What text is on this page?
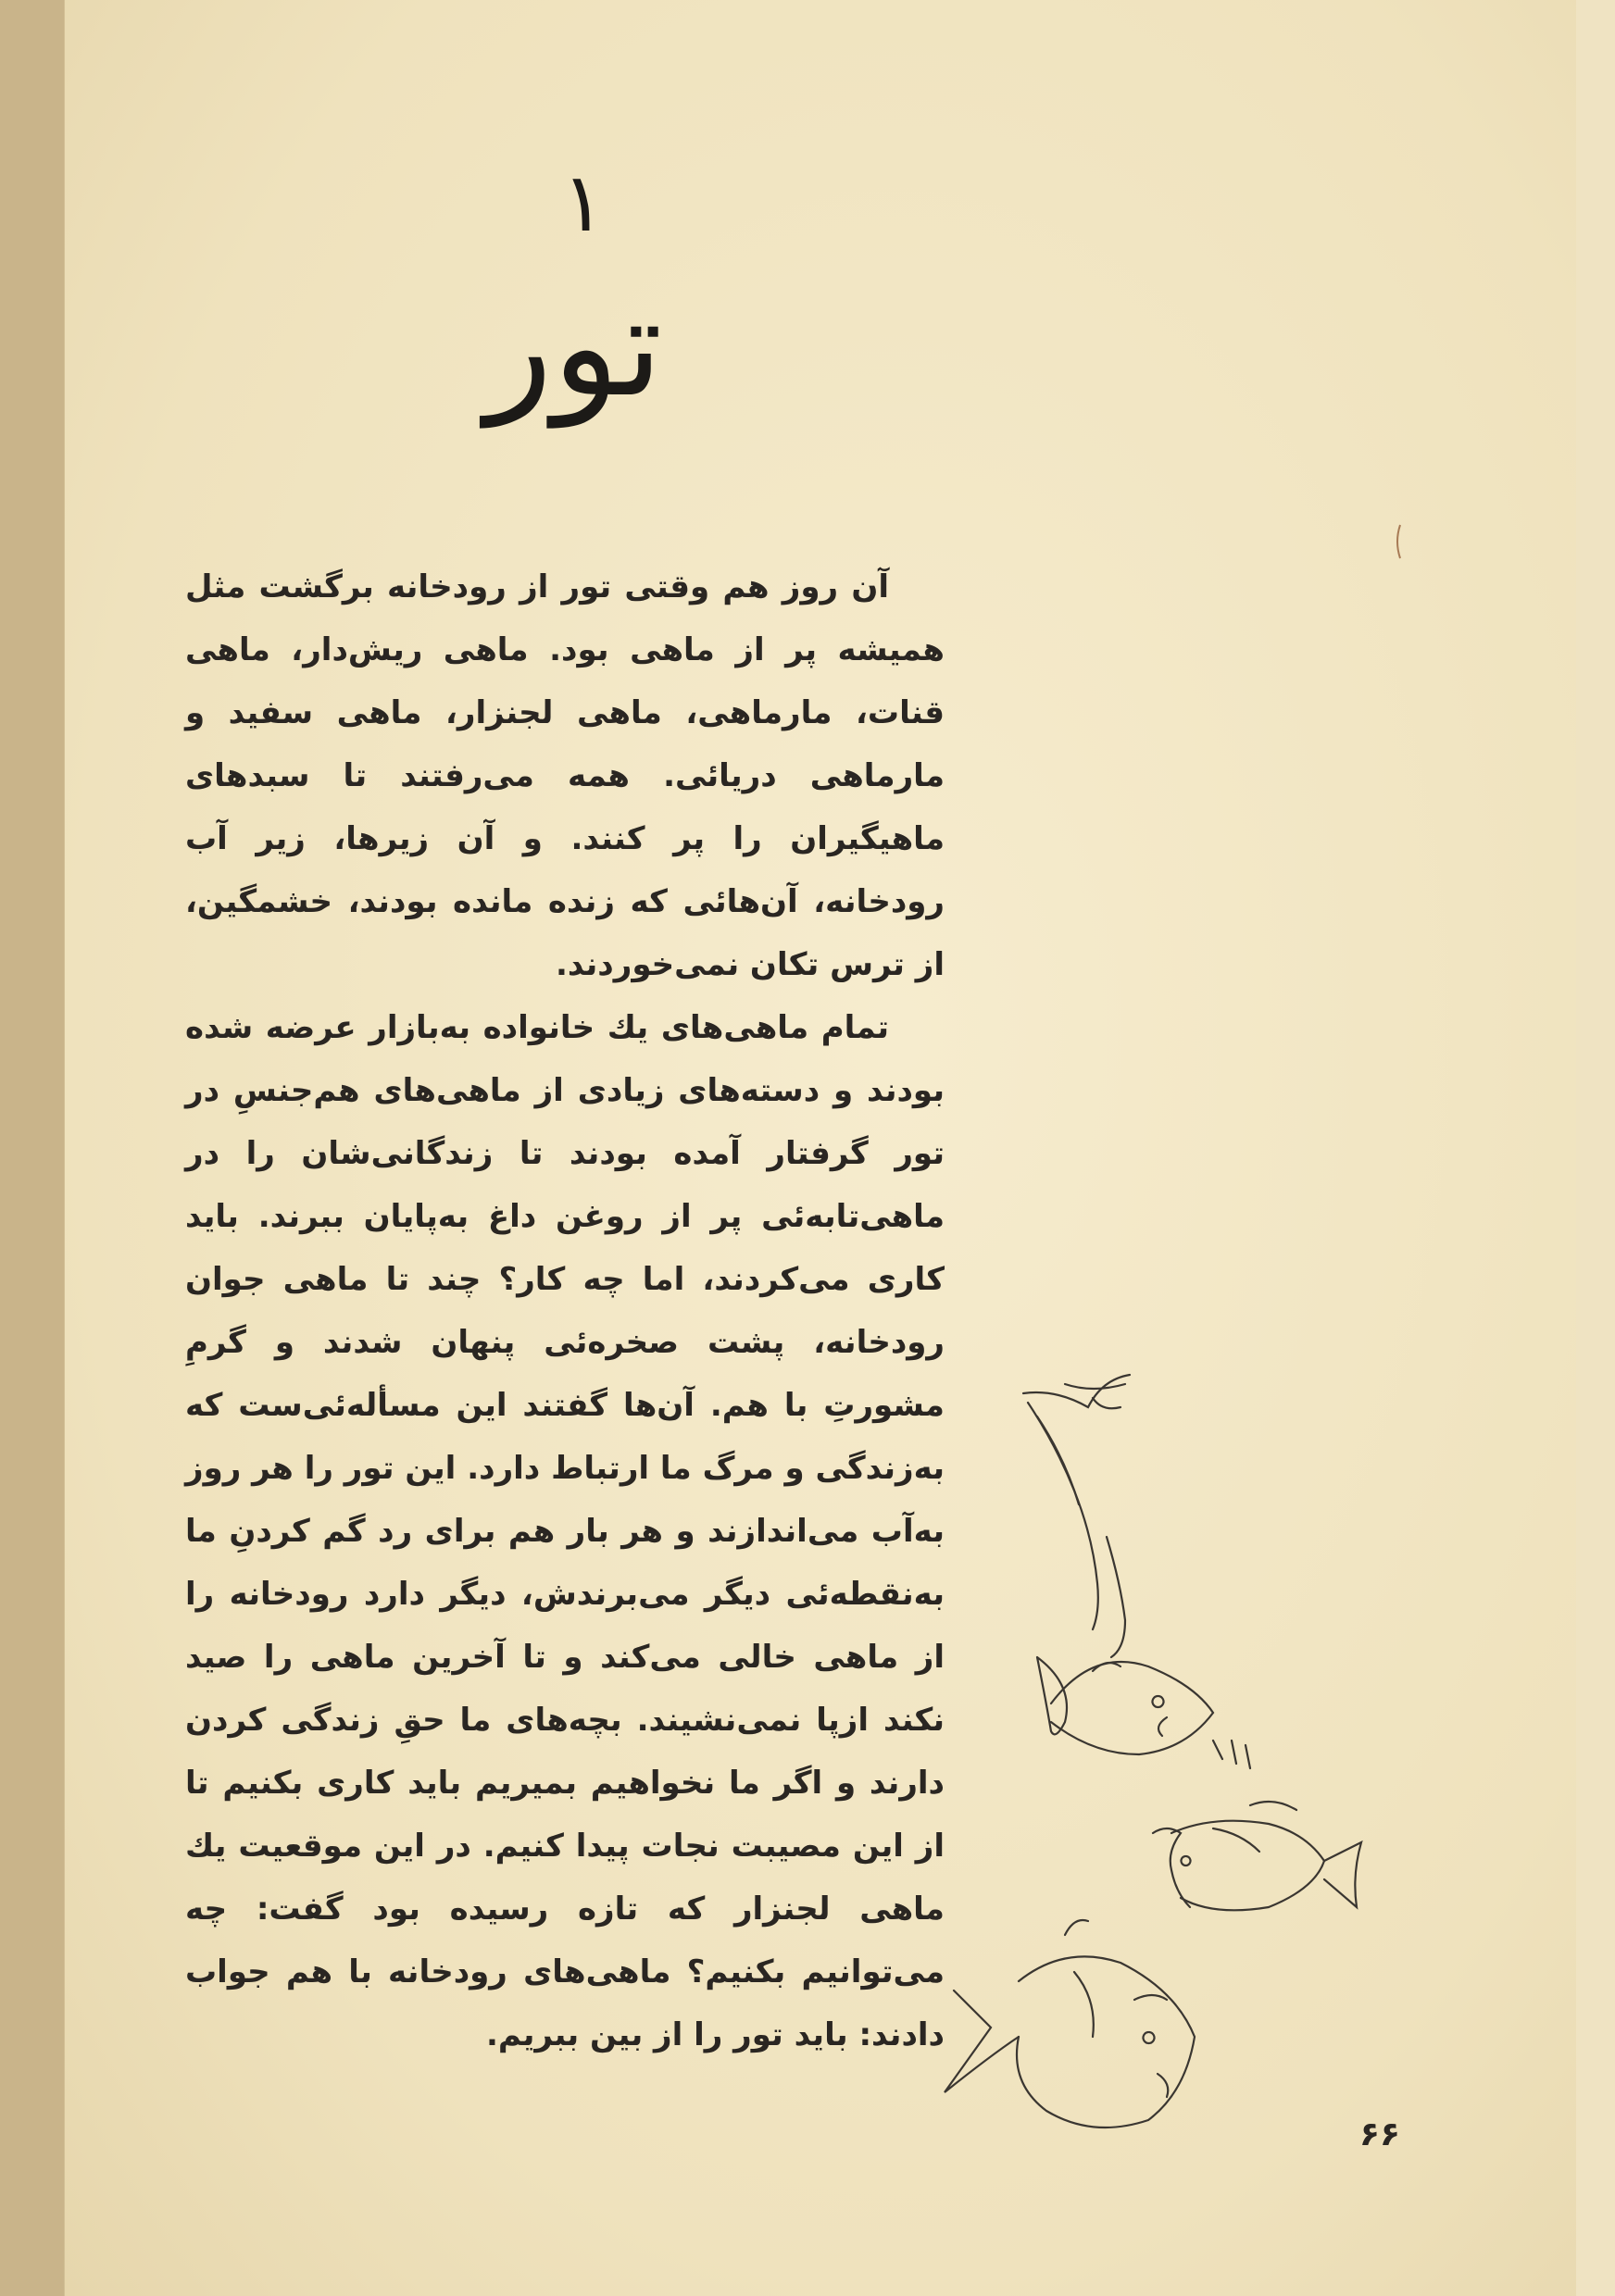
۱
تور

آن روز هم وقتی تور از رودخانه برگشت مثل همیشه پر از ماهی بود. ماهی ریش‌دار، ماهی قنات، مارماهی، ماهی لجنزار، ماهی سفید و مارماهی دریائی. همه می‌رفتند تا سبدهای ماهیگیران را پر کنند. و آن زیرها، زیر آب رودخانه، آن‌هائی که زنده مانده بودند، خشمگین، از ترس تکان نمی‌خوردند.

تمام ماهی‌های یك خانواده به‌بازار عرضه شده بودند و دسته‌های زیادی از ماهی‌های هم‌جنسِ در تور گرفتار آمده بودند تا زندگانی‌شان را در ماهی‌تابه‌ئی پر از روغن داغ به‌پایان ببرند. باید کاری می‌کردند، اما چه کار؟ چند تا ماهی جوان رودخانه، پشت صخره‌ئی پنهان شدند و گرمِ مشورتِ با هم. آن‌ها گفتند این مسأله‌ئی‌ست که به‌زندگی و مرگ ما ارتباط دارد. این تور را هر روز به‌آب می‌اندازند و هر بار هم برای رد گم کردنِ ما به‌نقطه‌ئی دیگر می‌برندش، دیگر دارد رودخانه را از ماهی خالی می‌کند و تا آخرین ماهی را صید نکند ازپا نمی‌نشیند. بچه‌های ما حقِ زندگی کردن دارند و اگر ما نخواهیم بمیریم باید کاری بکنیم تا از این مصیبت نجات پیدا کنیم. در این موقعیت یك ماهی لجنزار که تازه رسیده بود گفت: چه می‌توانیم بکنیم؟ ماهی‌های رودخانه با هم جواب دادند: باید تور را از بین ببریم.

۶۶
